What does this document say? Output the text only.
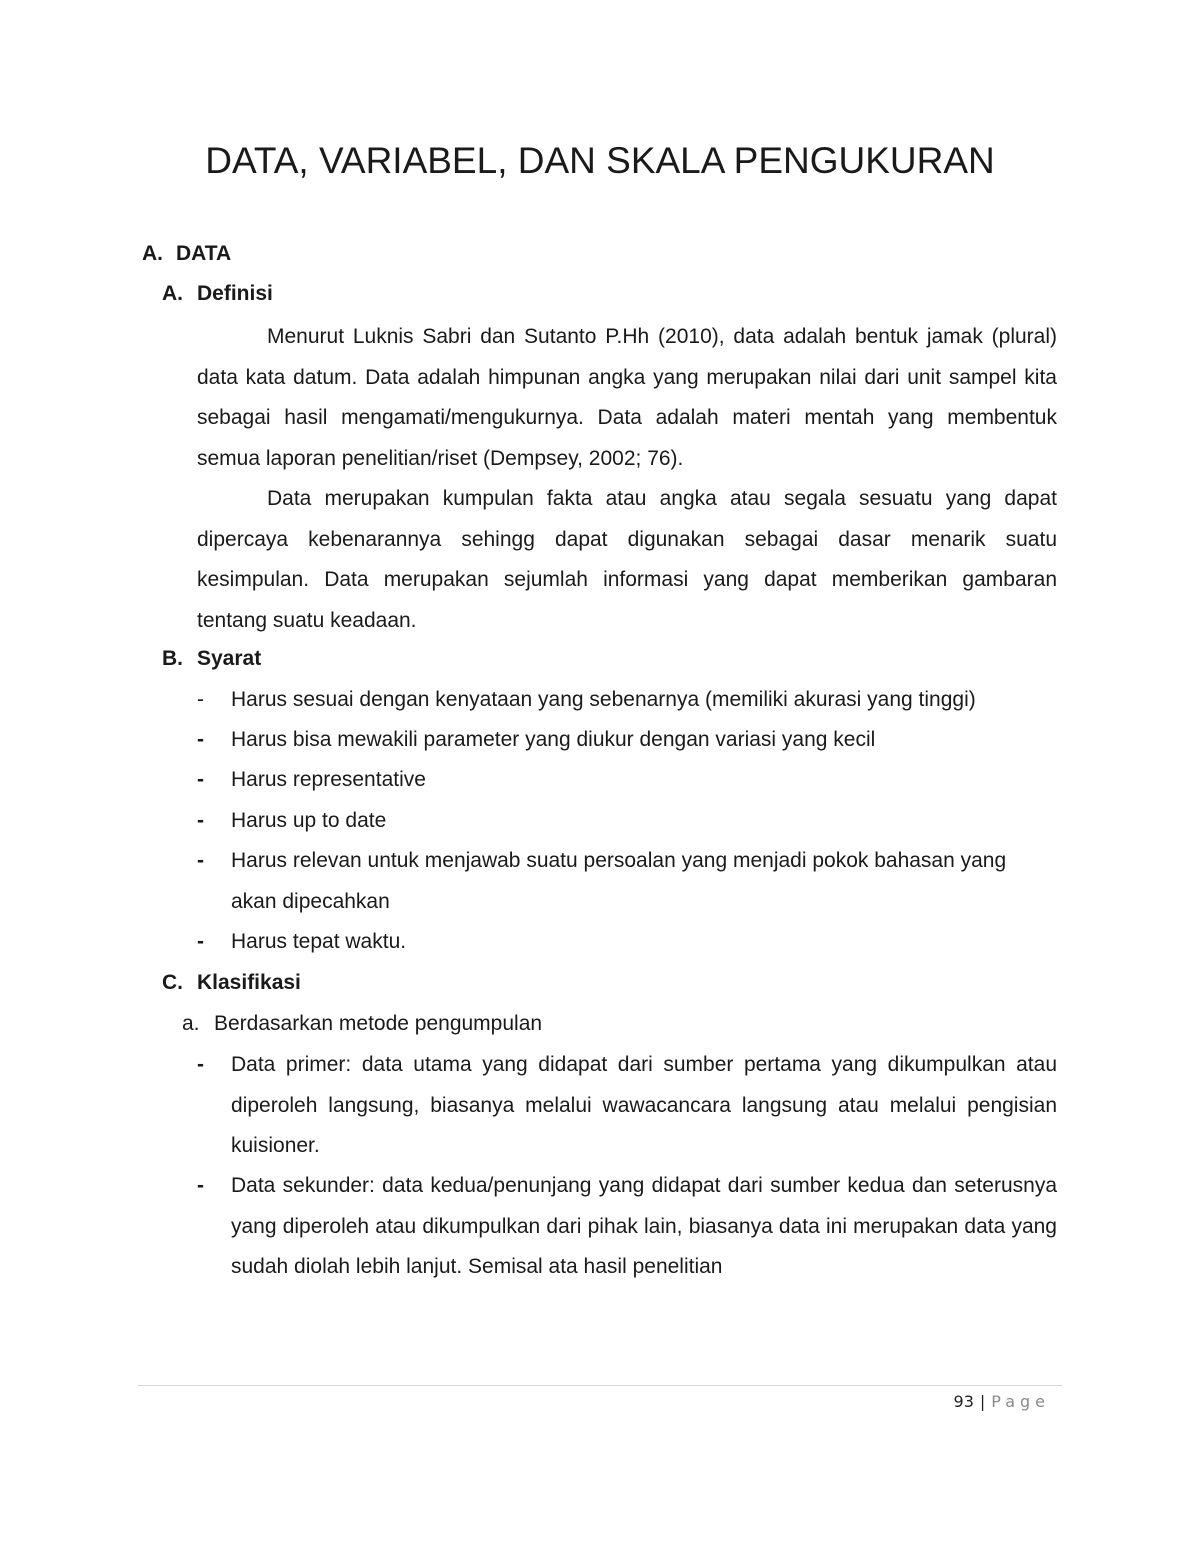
DATA, VARIABEL, DAN SKALA PENGUKURAN
A. DATA
A. Definisi

Menurut Luknis Sabri dan Sutanto P.Hh (2010), data adalah bentuk jamak (plural) data kata datum. Data adalah himpunan angka yang merupakan nilai dari unit sampel kita sebagai hasil mengamati/mengukurnya. Data adalah materi mentah yang membentuk semua laporan penelitian/riset (Dempsey, 2002; 76).

Data merupakan kumpulan fakta atau angka atau segala sesuatu yang dapat dipercaya kebenarannya sehingg dapat digunakan sebagai dasar menarik suatu kesimpulan. Data merupakan sejumlah informasi yang dapat memberikan gambaran tentang suatu keadaan.

B. Syarat
-	Harus sesuai dengan kenyataan yang sebenarnya (memiliki akurasi yang tinggi)
-	Harus bisa mewakili parameter yang diukur dengan variasi yang kecil
-	Harus representative
-	Harus up to date
-	Harus relevan untuk menjawab suatu persoalan yang menjadi pokok bahasan yang akan dipecahkan
-	Harus tepat waktu.
C. Klasifikasi
a. Berdasarkan metode pengumpulan
-	Data primer: data utama yang didapat dari sumber pertama yang dikumpulkan atau diperoleh langsung, biasanya melalui wawacancara langsung atau melalui pengisian kuisioner.
-	Data sekunder: data kedua/penunjang yang didapat dari sumber kedua dan seterusnya yang diperoleh atau dikumpulkan dari pihak lain, biasanya data ini merupakan data yang sudah diolah lebih lanjut. Semisal ata hasil penelitian
93 | Page
